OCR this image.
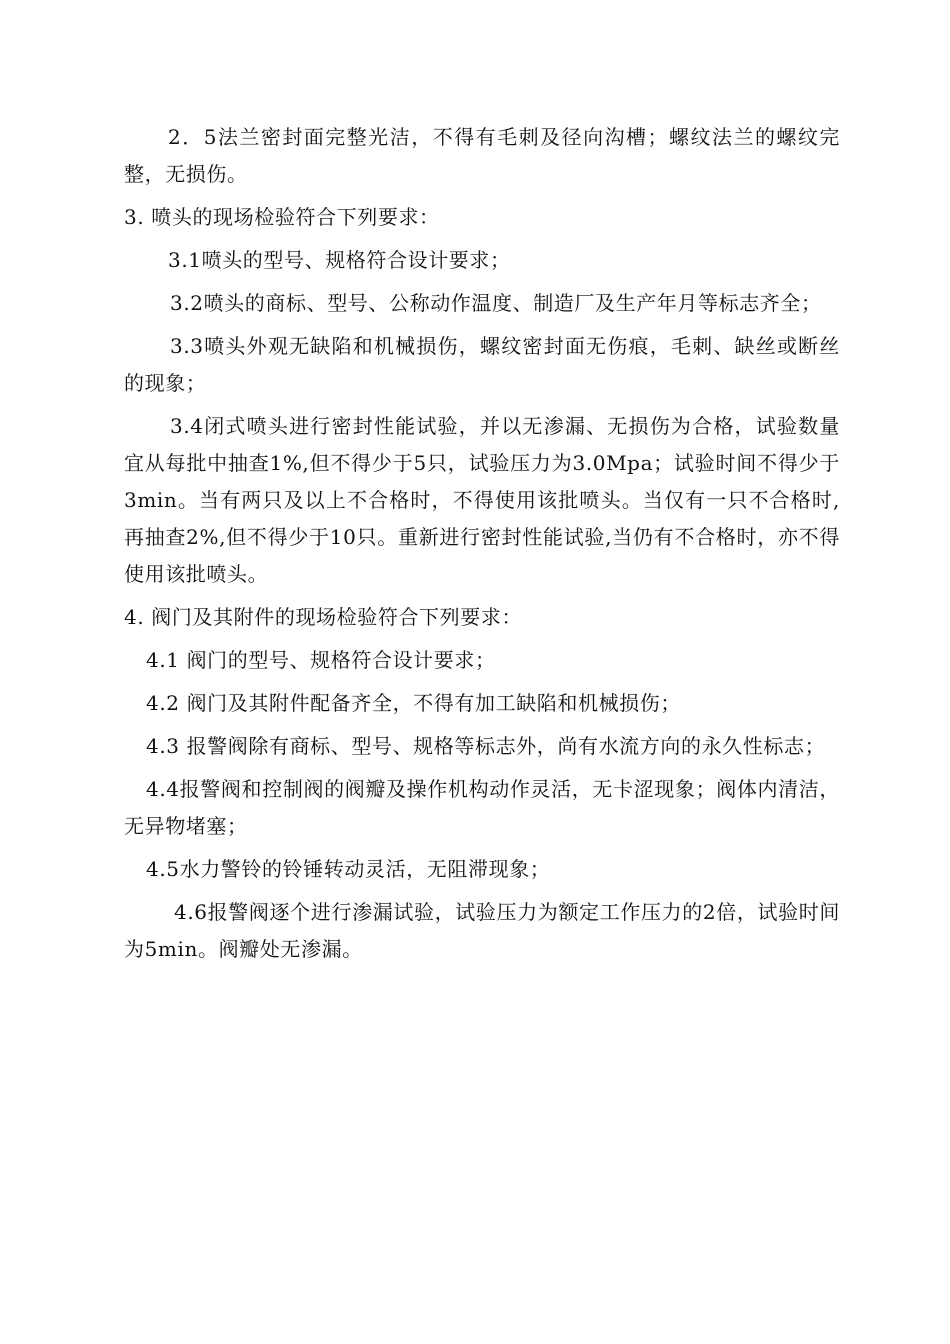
2．5法兰密封面完整光洁，不得有毛刺及径向沟槽；螺纹法兰的螺纹完整，无损伤。

3. 喷头的现场检验符合下列要求：

3.1喷头的型号、规格符合设计要求；

3.2喷头的商标、型号、公称动作温度、制造厂及生产年月等标志齐全；

3.3喷头外观无缺陷和机械损伤，螺纹密封面无伤痕，毛刺、缺丝或断丝的现象；

3.4闭式喷头进行密封性能试验，并以无渗漏、无损伤为合格，试验数量宜从每批中抽查1%,但不得少于5只，试验压力为3.0Mpa；试验时间不得少于3min。当有两只及以上不合格时，不得使用该批喷头。当仅有一只不合格时,再抽查2%,但不得少于10只。重新进行密封性能试验,当仍有不合格时，亦不得使用该批喷头。

4. 阀门及其附件的现场检验符合下列要求：

4.1 阀门的型号、规格符合设计要求；

4.2 阀门及其附件配备齐全，不得有加工缺陷和机械损伤；

4.3 报警阀除有商标、型号、规格等标志外，尚有水流方向的永久性标志；

4.4报警阀和控制阀的阀瓣及操作机构动作灵活，无卡涩现象；阀体内清洁，无异物堵塞；

4.5水力警铃的铃锤转动灵活，无阻滞现象；

4.6报警阀逐个进行渗漏试验，试验压力为额定工作压力的2倍，试验时间为5min。阀瓣处无渗漏。
